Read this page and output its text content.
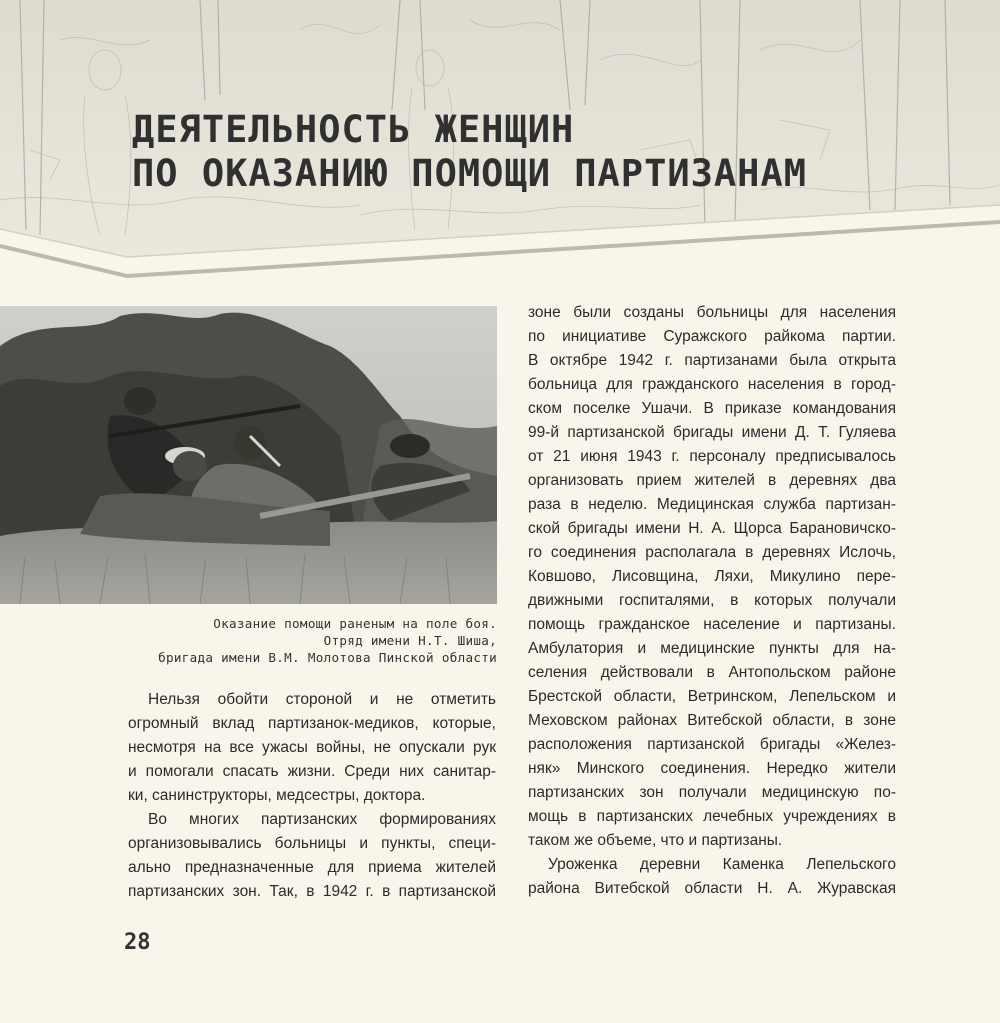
ДЕЯТЕЛЬНОСТЬ ЖЕНЩИН
ПО ОКАЗАНИЮ ПОМОЩИ ПАРТИЗАНАМ

Оказание помощи раненым на поле боя.
Отряд имени Н.Т. Шиша,
бригада имени В.М. Молотова Пинской области

Нельзя обойти стороной и не отметить
огромный вклад партизанок-медиков, которые,
несмотря на все ужасы войны, не опускали рук
и помогали спасать жизни. Среди них санитар-
ки, санинструкторы, медсестры, доктора.
Во многих партизанских формированиях
организовывались больницы и пункты, специ-
ально предназначенные для приема жителей
партизанских зон. Так, в 1942 г. в партизанской
зоне были созданы больницы для населения
по инициативе Суражского райкома партии.
В октябре 1942 г. партизанами была открыта
больница для гражданского населения в город-
ском поселке Ушачи. В приказе командования
99-й партизанской бригады имени Д. Т. Гуляева
от 21 июня 1943 г. персоналу предписывалось
организовать прием жителей в деревнях два
раза в неделю. Медицинская служба партизан-
ской бригады имени Н. А. Щорса Барановичско-
го соединения располагала в деревнях Ислочь,
Ковшово, Лисовщина, Ляхи, Микулино пере-
движными госпиталями, в которых получали
помощь гражданское население и партизаны.
Амбулатория и медицинские пункты для на-
селения действовали в Антопольском районе
Брестской области, Ветринском, Лепельском и
Меховском районах Витебской области, в зоне
расположения партизанской бригады «Желез-
няк» Минского соединения. Нередко жители
партизанских зон получали медицинскую по-
мощь в партизанских лечебных учреждениях в
таком же объеме, что и партизаны.
Уроженка деревни Каменка Лепельского
района Витебской области Н. А. Журавская

28
